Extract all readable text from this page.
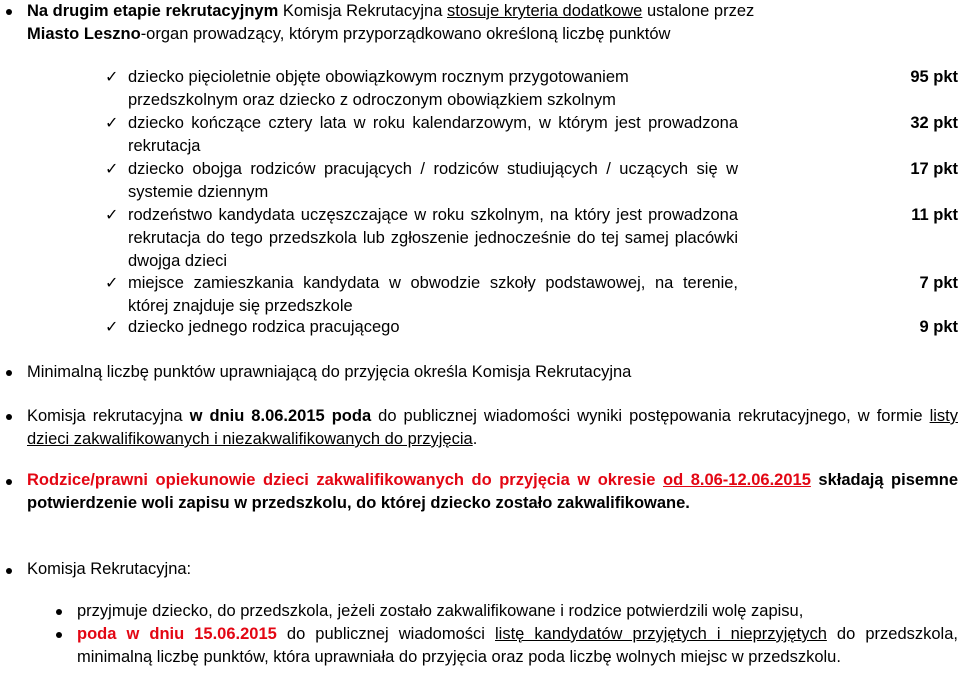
Na drugim etapie rekrutacyjnym Komisja Rekrutacyjna stosuje kryteria dodatkowe ustalone przez
Miasto Leszno-organ prowadzący, którym przyporządkowano określoną liczbę punktów
✓ dziecko pięcioletnie objęte obowiązkowym rocznym przygotowaniem przedszkolnym oraz dziecko z odroczonym obowiązkiem szkolnym
95 pkt
✓ dziecko kończące cztery lata w roku kalendarzowym, w którym jest prowadzona rekrutacja
32 pkt
✓ dziecko obojga rodziców pracujących / rodziców studiujących / uczących się w systemie dziennym
17 pkt
✓ rodzeństwo kandydata uczęszczające w roku szkolnym, na który jest prowadzona rekrutacja do tego przedszkola lub zgłoszenie jednocześnie do tej samej placówki dwojga dzieci
11 pkt
✓ miejsce zamieszkania kandydata w obwodzie szkoły podstawowej, na terenie, której znajduje się przedszkole
7 pkt
✓ dziecko jednego rodzica pracującego	9 pkt
Minimalną liczbę punktów uprawniającą do przyjęcia określa Komisja Rekrutacyjna
Komisja rekrutacyjna w dniu 8.06.2015 poda do publicznej wiadomości wyniki postępowania rekrutacyjnego, w formie listy dzieci zakwalifikowanych i niezakwalifikowanych do przyjęcia.
Rodzice/prawni opiekunowie dzieci zakwalifikowanych do przyjęcia w okresie od 8.06-12.06.2015 składają pisemne potwierdzenie woli zapisu w przedszkolu, do której dziecko zostało zakwalifikowane.
Komisja Rekrutacyjna:
przyjmuje dziecko, do przedszkola, jeżeli zostało zakwalifikowane i rodzice potwierdzili wolę zapisu,
poda w dniu 15.06.2015 do publicznej wiadomości listę kandydatów przyjętych i nieprzyjętych do przedszkola, minimalną liczbę punktów, która uprawniała do przyjęcia oraz poda liczbę wolnych miejsc w przedszkolu.
